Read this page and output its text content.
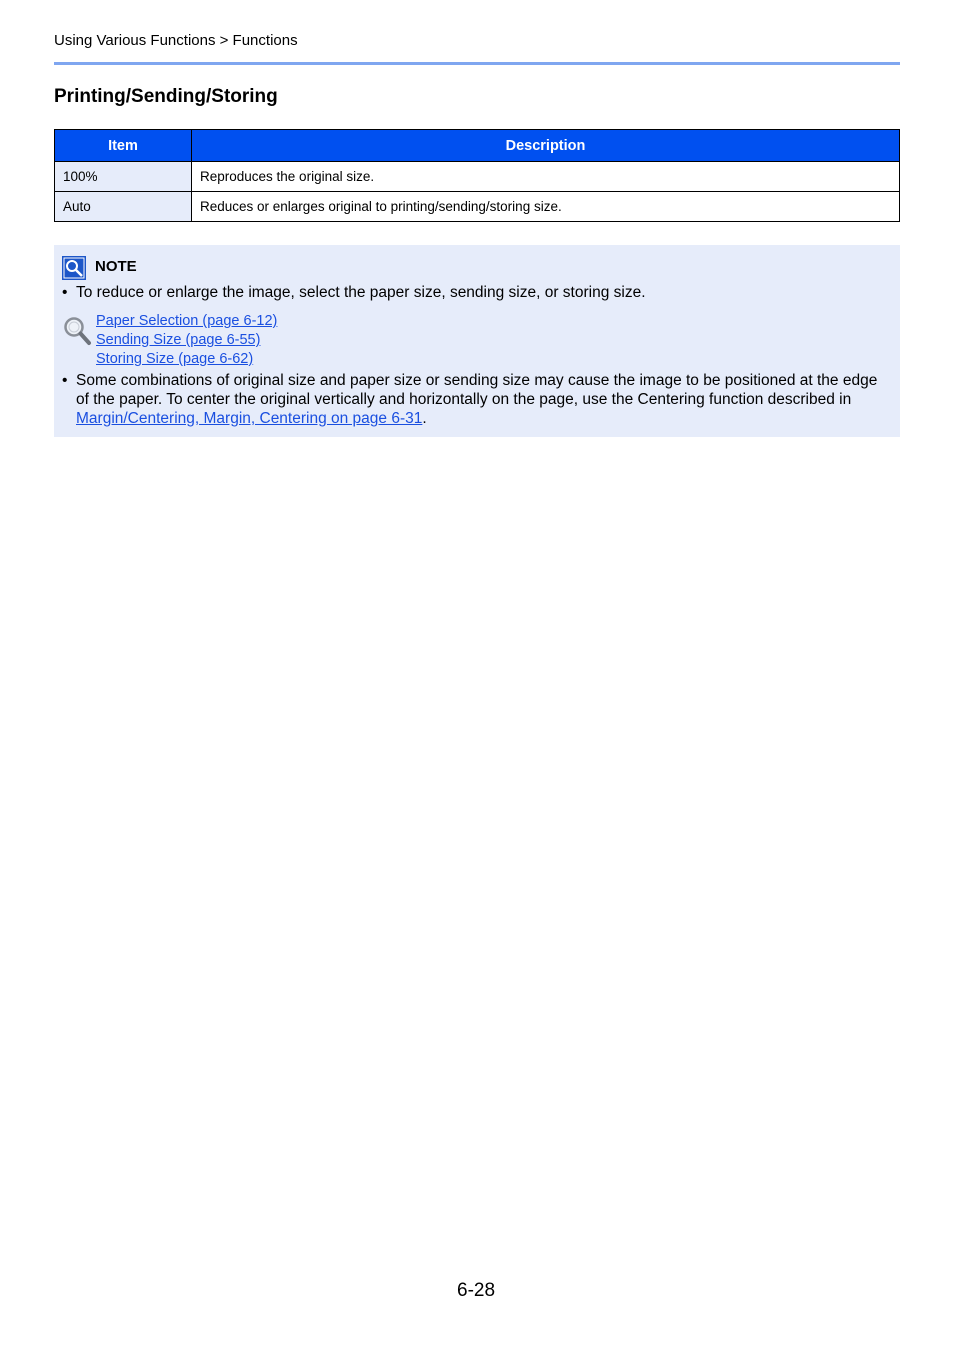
Using Various Functions > Functions
Printing/Sending/Storing
Item	Description
100%	Reproduces the original size.
Auto	Reduces or enlarges original to printing/sending/storing size.
NOTE
• To reduce or enlarge the image, select the paper size, sending size, or storing size.
Paper Selection (page 6-12)
Sending Size (page 6-55)
Storing Size (page 6-62)
• Some combinations of original size and paper size or sending size may cause the image to be positioned at the edge of the paper. To center the original vertically and horizontally on the page, use the Centering function described in Margin/Centering, Margin, Centering on page 6-31.
6-28
